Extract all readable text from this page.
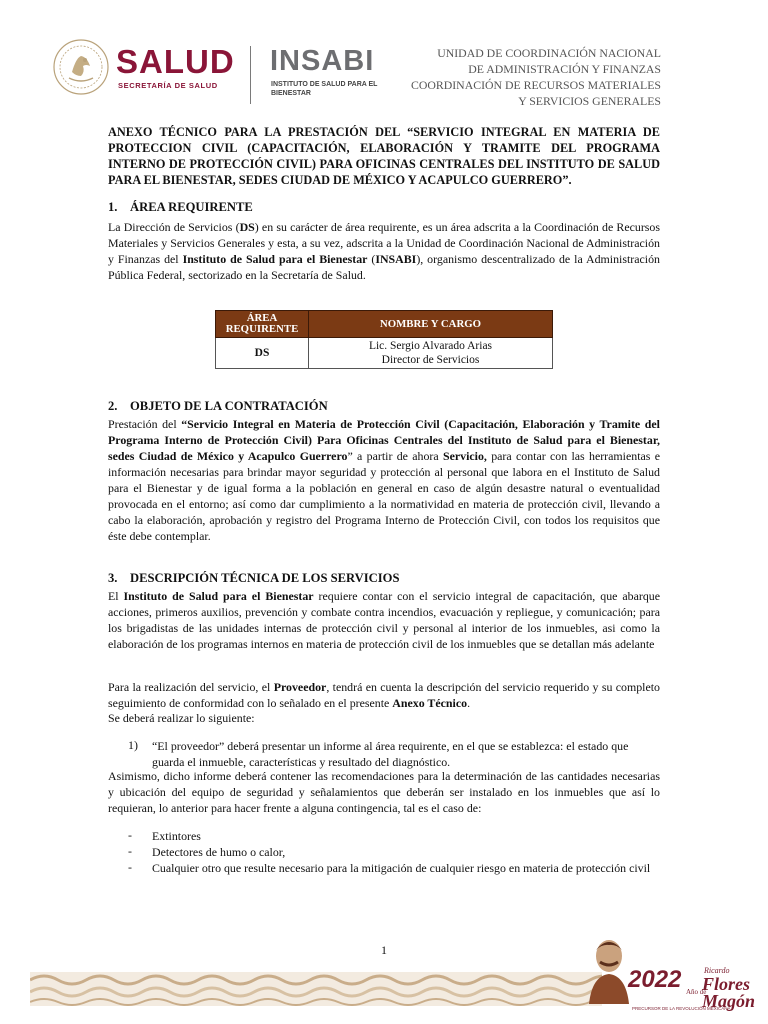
SALUD
SECRETARÍA DE SALUD
INSABI
INSTITUTO DE SALUD PARA EL BIENESTAR
UNIDAD DE COORDINACIÓN NACIONAL
DE ADMINISTRACIÓN Y FINANZAS
COORDINACIÓN DE RECURSOS MATERIALES
Y SERVICIOS GENERALES
ANEXO TÉCNICO PARA LA PRESTACIÓN DEL “SERVICIO INTEGRAL EN MATERIA DE PROTECCION CIVIL (CAPACITACIÓN, ELABORACIÓN Y TRAMITE DEL PROGRAMA INTERNO DE PROTECCIÓN CIVIL) PARA OFICINAS CENTRALES DEL INSTITUTO DE SALUD PARA EL BIENESTAR, SEDES CIUDAD DE MÉXICO Y ACAPULCO GUERRERO”.
1. ÁREA REQUIRENTE
La Dirección de Servicios (DS) en su carácter de área requirente, es un área adscrita a la Coordinación de Recursos Materiales y Servicios Generales y esta, a su vez, adscrita a la Unidad de Coordinación Nacional de Administración y Finanzas del Instituto de Salud para el Bienestar (INSABI), organismo descentralizado de la Administración Pública Federal, sectorizado en la Secretaría de Salud.
ÁREA REQUIRENTE	NOMBRE Y CARGO
DS	Lic. Sergio Alvarado Arias
Director de Servicios
2. OBJETO DE LA CONTRATACIÓN
Prestación del “Servicio Integral en Materia de Protección Civil (Capacitación, Elaboración y Tramite del Programa Interno de Protección Civil) Para Oficinas Centrales del Instituto de Salud para el Bienestar, sedes Ciudad de México y Acapulco Guerrero” a partir de ahora Servicio, para contar con las herramientas e información necesarias para brindar mayor seguridad y protección al personal que labora en el Instituto de Salud para el Bienestar y de igual forma a la población en general en caso de algún desastre natural o eventualidad provocada en el entorno; así como dar cumplimiento a la normatividad en materia de protección civil, llevando a cabo la elaboración, aprobación y registro del Programa Interno de Protección Civil, con todos los requisitos que éste debe contemplar.
3. DESCRIPCIÓN TÉCNICA DE LOS SERVICIOS
El Instituto de Salud para el Bienestar requiere contar con el servicio integral de capacitación, que abarque acciones, primeros auxilios, prevención y combate contra incendios, evacuación y repliegue, y comunicación; para los brigadistas de las unidades internas de protección civil y personal al interior de los inmuebles, asi como la elaboración de los programas internos en materia de protección civil de los inmuebles que se detallan más adelante
Para la realización del servicio, el Proveedor, tendrá en cuenta la descripción del servicio requerido y su completo seguimiento de conformidad con lo señalado en el presente Anexo Técnico.
Se deberá realizar lo siguiente:
1) “El proveedor” deberá presentar un informe al área requirente, en el que se establezca: el estado que guarda el inmueble, características y resultado del diagnóstico.
Asimismo, dicho informe deberá contener las recomendaciones para la determinación de las cantidades necesarias y ubicación del equipo de seguridad y señalamientos que deberán ser instalado en los inmuebles que así lo requieran, lo anterior para hacer frente a alguna contingencia, tal es el caso de:
- Extintores
- Detectores de humo o calor,
- Cualquier otro que resulte necesario para la mitigación de cualquier riesgo en materia de protección civil
1
2022 Año de
Ricardo
Flores Magón
PRECURSOR DE LA REVOLUCIÓN MEXICANA
